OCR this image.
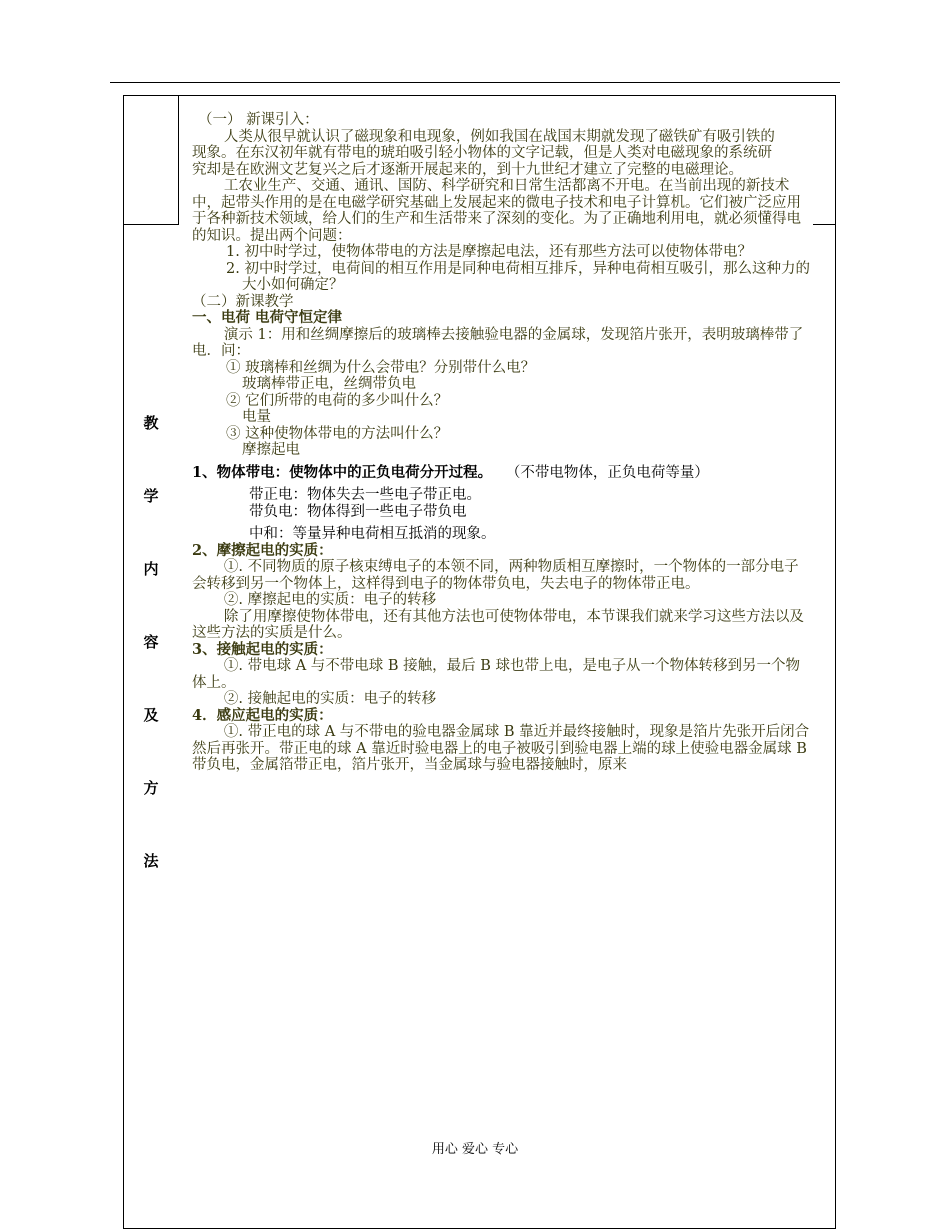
教
学
内
容
及
方
法

（一） 新课引入：

人类从很早就认识了磁现象和电现象，例如我国在战国末期就发现了磁铁矿有吸引铁的现象。在东汉初年就有带电的琥珀吸引轻小物体的文字记载，但是人类对电磁现象的系统研究却是在欧洲文艺复兴之后才逐渐开展起来的，到十九世纪才建立了完整的电磁理论。

工农业生产、交通、通讯、国防、科学研究和日常生活都离不开电。在当前出现的新技术中，起带头作用的是在电磁学研究基础上发展起来的微电子技术和电子计算机。它们被广泛应用于各种新技术领域，给人们的生产和生活带来了深刻的变化。为了正确地利用电，就必须懂得电的知识。提出两个问题：

1. 初中时学过，使物体带电的方法是摩擦起电法，还有那些方法可以使物体带电？

2. 初中时学过，电荷间的相互作用是同种电荷相互排斥，异种电荷相互吸引，那么这种力的大小如何确定？

（二）新课教学

一、电荷 电荷守恒定律

演示 1：用和丝绸摩擦后的玻璃棒去接触验电器的金属球，发现箔片张开，表明玻璃棒带了电．问：

① 玻璃棒和丝绸为什么会带电？分别带什么电？

玻璃棒带正电，丝绸带负电

② 它们所带的电荷的多少叫什么？

电量

③ 这种使物体带电的方法叫什么？

摩擦起电

1、物体带电：使物体中的正负电荷分开过程。 （不带电物体，正负电荷等量）

带正电：物体失去一些电子带正电。

带负电：物体得到一些电子带负电

中和：等量异种电荷相互抵消的现象。

2、摩擦起电的实质：

①. 不同物质的原子核束缚电子的本领不同，两种物质相互摩擦时，一个物体的一部分电子会转移到另一个物体上，这样得到电子的物体带负电，失去电子的物体带正电。

②. 摩擦起电的实质：电子的转移

除了用摩擦使物体带电，还有其他方法也可使物体带电，本节课我们就来学习这些方法以及这些方法的实质是什么。

3、接触起电的实质：

①. 带电球 A 与不带电球 B 接触，最后 B 球也带上电，是电子从一个物体转移到另一个物体上。

②. 接触起电的实质：电子的转移

4．感应起电的实质：

①. 带正电的球 A 与不带电的验电器金属球 B 靠近并最终接触时，现象是箔片先张开后闭合然后再张开。带正电的球 A 靠近时验电器上的电子被吸引到验电器上端的球上使验电器金属球 B 带负电，金属箔带正电，箔片张开，当金属球与验电器接触时，原来

用心 爱心 专心
